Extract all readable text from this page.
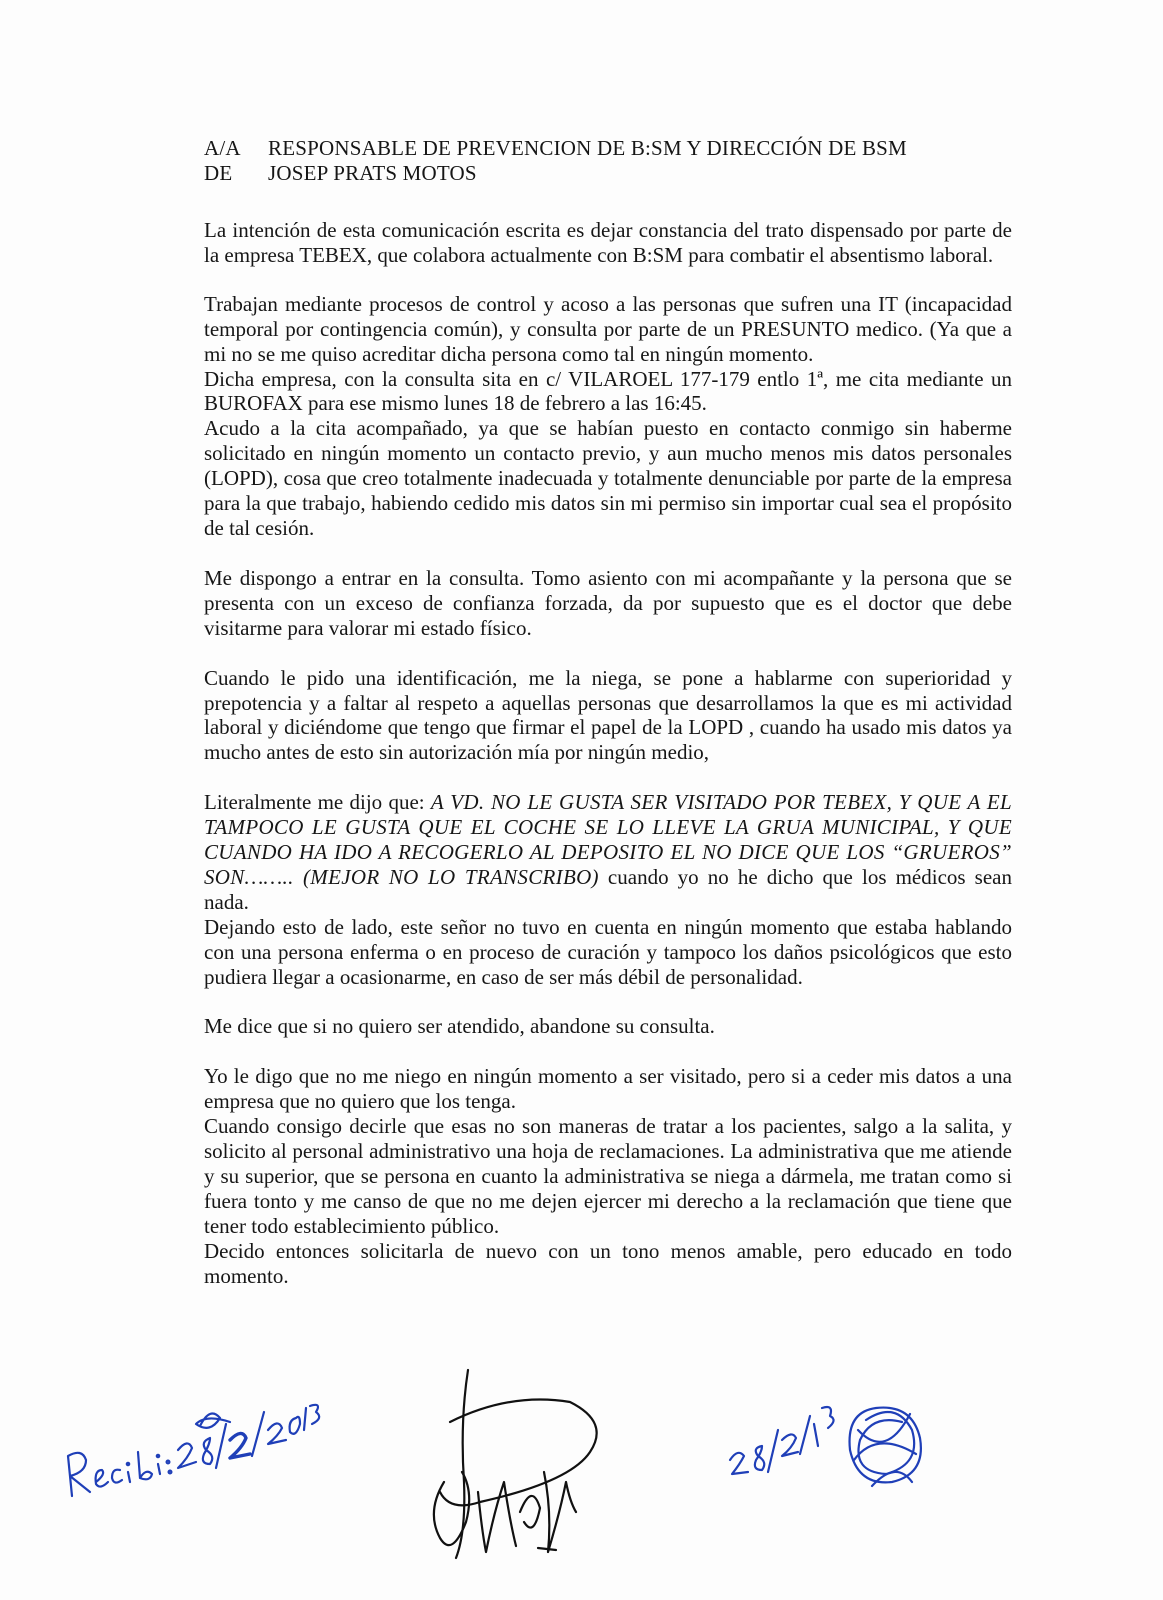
A/A	RESPONSABLE DE PREVENCION DE B:SM Y DIRECCIÓN DE BSM
DE	JOSEP PRATS MOTOS

La intención de esta comunicación escrita es dejar constancia del trato dispensado por parte de la empresa TEBEX, que colabora actualmente con B:SM para combatir el absentismo laboral.

Trabajan mediante procesos de control y acoso a las personas que sufren una IT (incapacidad temporal por contingencia común), y consulta por parte de un PRESUNTO medico. (Ya que a mi no se me quiso acreditar dicha persona como tal en ningún momento.

Dicha empresa, con la consulta sita en c/ VILAROEL 177-179 entlo 1ª, me cita mediante un BUROFAX para ese mismo lunes 18 de febrero a las 16:45.

Acudo a la cita acompañado, ya que se habían puesto en contacto conmigo sin haberme solicitado en ningún momento un contacto previo, y aun mucho menos mis datos personales (LOPD), cosa que creo totalmente inadecuada y totalmente denunciable por parte de la empresa para la que trabajo, habiendo cedido mis datos sin mi permiso sin importar cual sea el propósito de tal cesión.

Me dispongo a entrar en la consulta. Tomo asiento con mi acompañante y la persona que se presenta con un exceso de confianza forzada, da por supuesto que es el doctor que debe visitarme para valorar mi estado físico.

Cuando le pido una identificación, me la niega, se pone a hablarme con superioridad y prepotencia y a faltar al respeto a aquellas personas que desarrollamos la que es mi actividad laboral y diciéndome que tengo que firmar el papel de la LOPD , cuando ha usado mis datos ya mucho antes de esto sin autorización mía por ningún medio,

Literalmente me dijo que: A VD. NO LE GUSTA SER VISITADO POR TEBEX, Y QUE A EL TAMPOCO LE GUSTA QUE EL COCHE SE LO LLEVE LA GRUA MUNICIPAL, Y QUE CUANDO HA IDO A RECOGERLO AL DEPOSITO EL NO DICE QUE LOS “GRUEROS” SON…….. (MEJOR NO LO TRANSCRIBO) cuando yo no he dicho que los médicos sean nada.

Dejando esto de lado, este señor no tuvo en cuenta en ningún momento que estaba hablando con una persona enferma o en proceso de curación y tampoco los daños psicológicos que esto pudiera llegar a ocasionarme, en caso de ser más débil de personalidad.

Me dice que si no quiero ser atendido, abandone su consulta.

Yo le digo que no me niego en ningún momento a ser visitado, pero si a ceder mis datos a una empresa que no quiero que los tenga.

Cuando consigo decirle que esas no son maneras de tratar a los pacientes, salgo a la salita, y solicito al personal administrativo una hoja de reclamaciones. La administrativa que me atiende y su superior, que se persona en cuanto la administrativa se niega a dármela, me tratan como si fuera tonto y me canso de que no me dejen ejercer mi derecho a la reclamación que tiene que tener todo establecimiento público.

Decido entonces solicitarla de nuevo con un tono menos amable, pero educado en todo momento.
